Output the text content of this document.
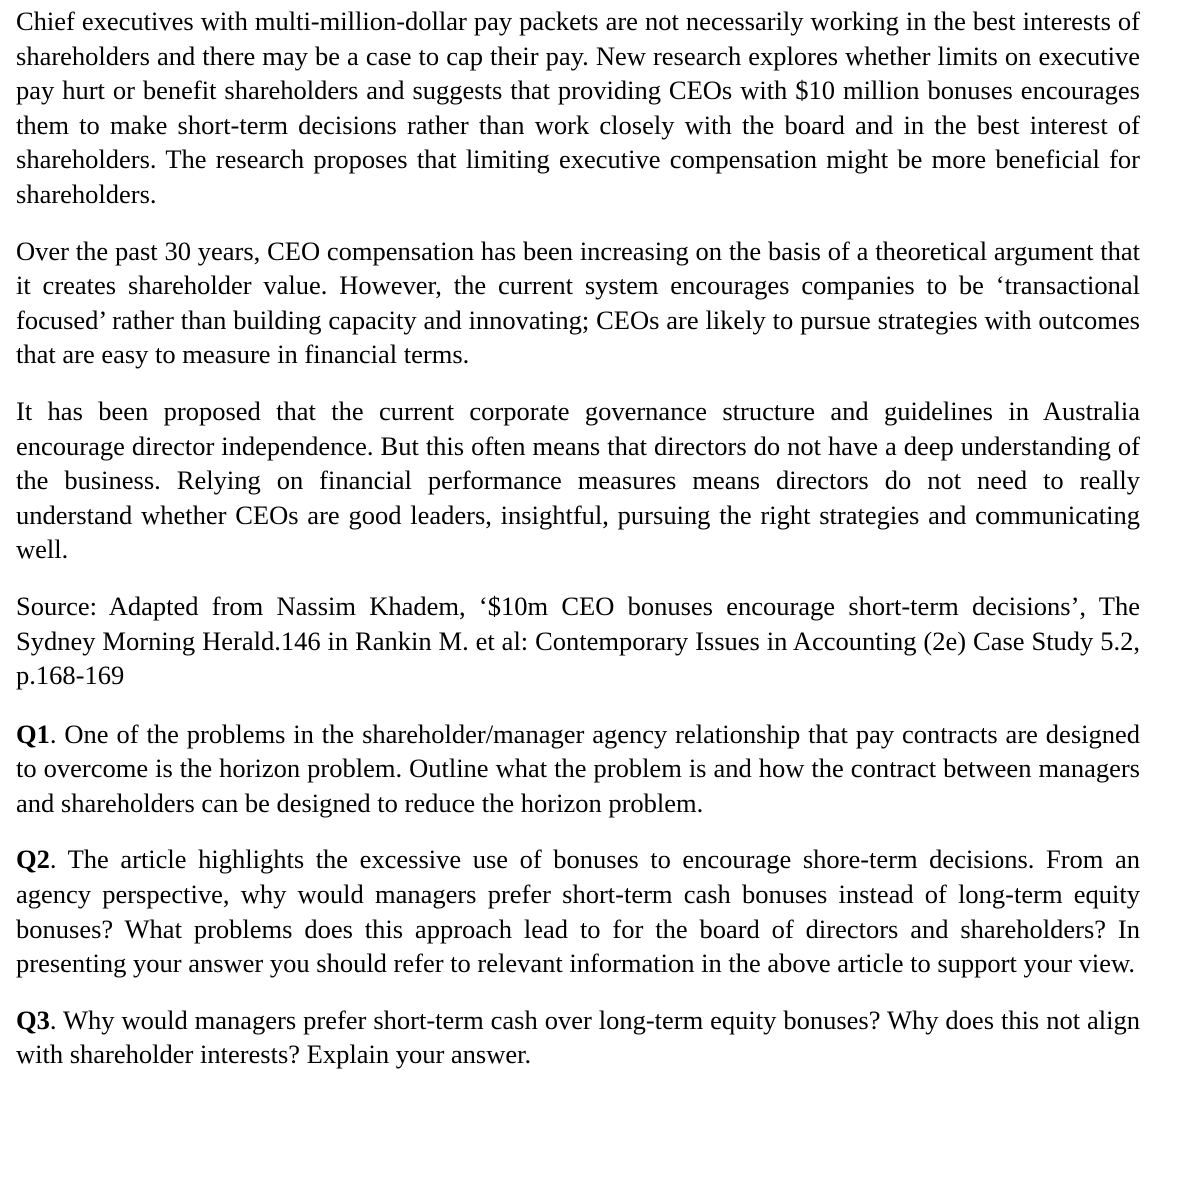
Chief executives with multi-million-dollar pay packets are not necessarily working in the best interests of shareholders and there may be a case to cap their pay. New research explores whether limits on executive pay hurt or benefit shareholders and suggests that providing CEOs with $10 million bonuses encourages them to make short-term decisions rather than work closely with the board and in the best interest of shareholders. The research proposes that limiting executive compensation might be more beneficial for shareholders.

Over the past 30 years, CEO compensation has been increasing on the basis of a theoretical argument that it creates shareholder value. However, the current system encourages companies to be ‘transactional focused’ rather than building capacity and innovating; CEOs are likely to pursue strategies with outcomes that are easy to measure in financial terms.

It has been proposed that the current corporate governance structure and guidelines in Australia encourage director independence. But this often means that directors do not have a deep understanding of the business. Relying on financial performance measures means directors do not need to really understand whether CEOs are good leaders, insightful, pursuing the right strategies and communicating well.

Source: Adapted from Nassim Khadem, ‘$10m CEO bonuses encourage short-term decisions’, The Sydney Morning Herald.146 in Rankin M. et al: Contemporary Issues in Accounting (2e) Case Study 5.2, p.168-169

Q1. One of the problems in the shareholder/manager agency relationship that pay contracts are designed to overcome is the horizon problem. Outline what the problem is and how the contract between managers and shareholders can be designed to reduce the horizon problem.

Q2. The article highlights the excessive use of bonuses to encourage shore-term decisions. From an agency perspective, why would managers prefer short-term cash bonuses instead of long-term equity bonuses? What problems does this approach lead to for the board of directors and shareholders? In presenting your answer you should refer to relevant information in the above article to support your view.

Q3. Why would managers prefer short-term cash over long-term equity bonuses? Why does this not align with shareholder interests? Explain your answer.
